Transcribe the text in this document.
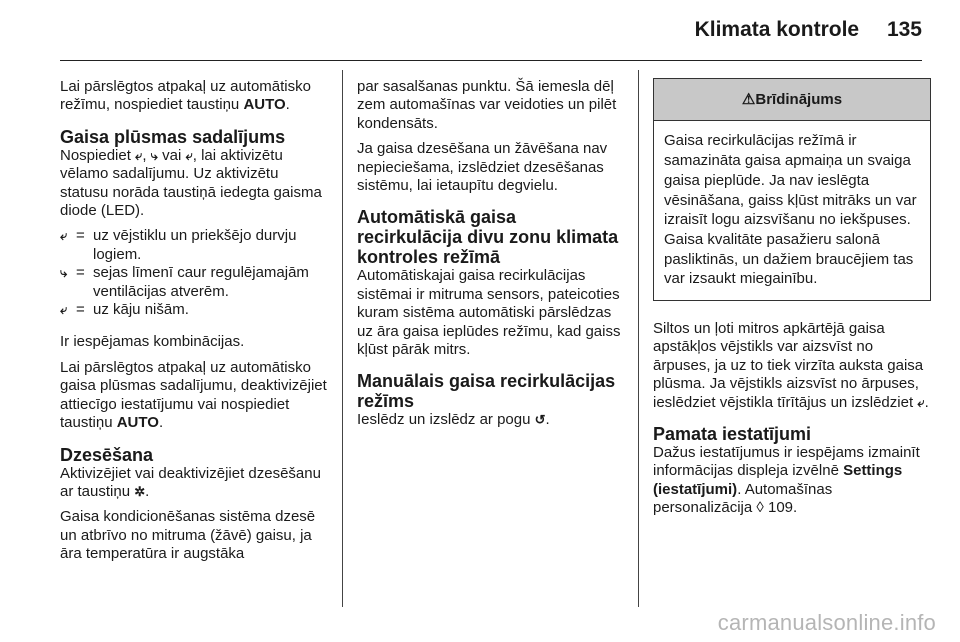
Klimata kontrole 135

Lai pārslēgtos atpakaļ uz automātisko režīmu, nospiediet taustiņu AUTO.

Gaisa plūsmas sadalījums

Nospiediet ⤶, ⤷ vai ⤶, lai aktivizētu vēlamo sadalījumu. Uz aktivizētu statusu norāda taustiņā iedegta gaisma diode (LED).

⤶ = uz vējstiklu un priekšējo durvju logiem.
⤷ = sejas līmenī caur regulējamajām ventilācijas atverēm.
⤶ = uz kāju nišām.

Ir iespējamas kombinācijas.

Lai pārslēgtos atpakaļ uz automātisko gaisa plūsmas sadalījumu, deaktivizējiet attiecīgo iestatījumu vai nospiediet taustiņu AUTO.

Dzesēšana

Aktivizējiet vai deaktivizējiet dzesēšanu ar taustiņu ✲.

Gaisa kondicionēšanas sistēma dzesē un atbrīvo no mitruma (žāvē) gaisu, ja āra temperatūra ir augstāka

par sasalšanas punktu. Šā iemesla dēļ zem automašīnas var veidoties un pilēt kondensāts.

Ja gaisa dzesēšana un žāvēšana nav nepieciešama, izslēdziet dzesēšanas sistēmu, lai ietaupītu degvielu.

Automātiskā gaisa recirkulācija divu zonu klimata kontroles režīmā

Automātiskajai gaisa recirkulācijas sistēmai ir mitruma sensors, pateicoties kuram sistēma automātiski pārslēdzas uz āra gaisa ieplūdes režīmu, kad gaiss kļūst pārāk mitrs.

Manuālais gaisa recirkulācijas režīms

Ieslēdz un izslēdz ar pogu ↺.

⚠Brīdinājums
Gaisa recirkulācijas režīmā ir samazināta gaisa apmaiņa un svaiga gaisa pieplūde. Ja nav ieslēgta vēsināšana, gaiss kļūst mitrāks un var izraisīt logu aizsvīšanu no iekšpuses. Gaisa kvalitāte pasažieru salonā pasliktinās, un dažiem braucējiem tas var izsaukt miegainību.

Siltos un ļoti mitros apkārtējā gaisa apstākļos vējstikls var aizsvīst no ārpuses, ja uz to tiek virzīta auksta gaisa plūsma. Ja vējstikls aizsvīst no ārpuses, ieslēdziet vējstikla tīrītājus un izslēdziet ⤶.

Pamata iestatījumi

Dažus iestatījumus ir iespējams izmainīt informācijas displeja izvēlnē Settings (iestatījumi). Automašīnas personalizācija ◊ 109.

carmanualsonline.info
